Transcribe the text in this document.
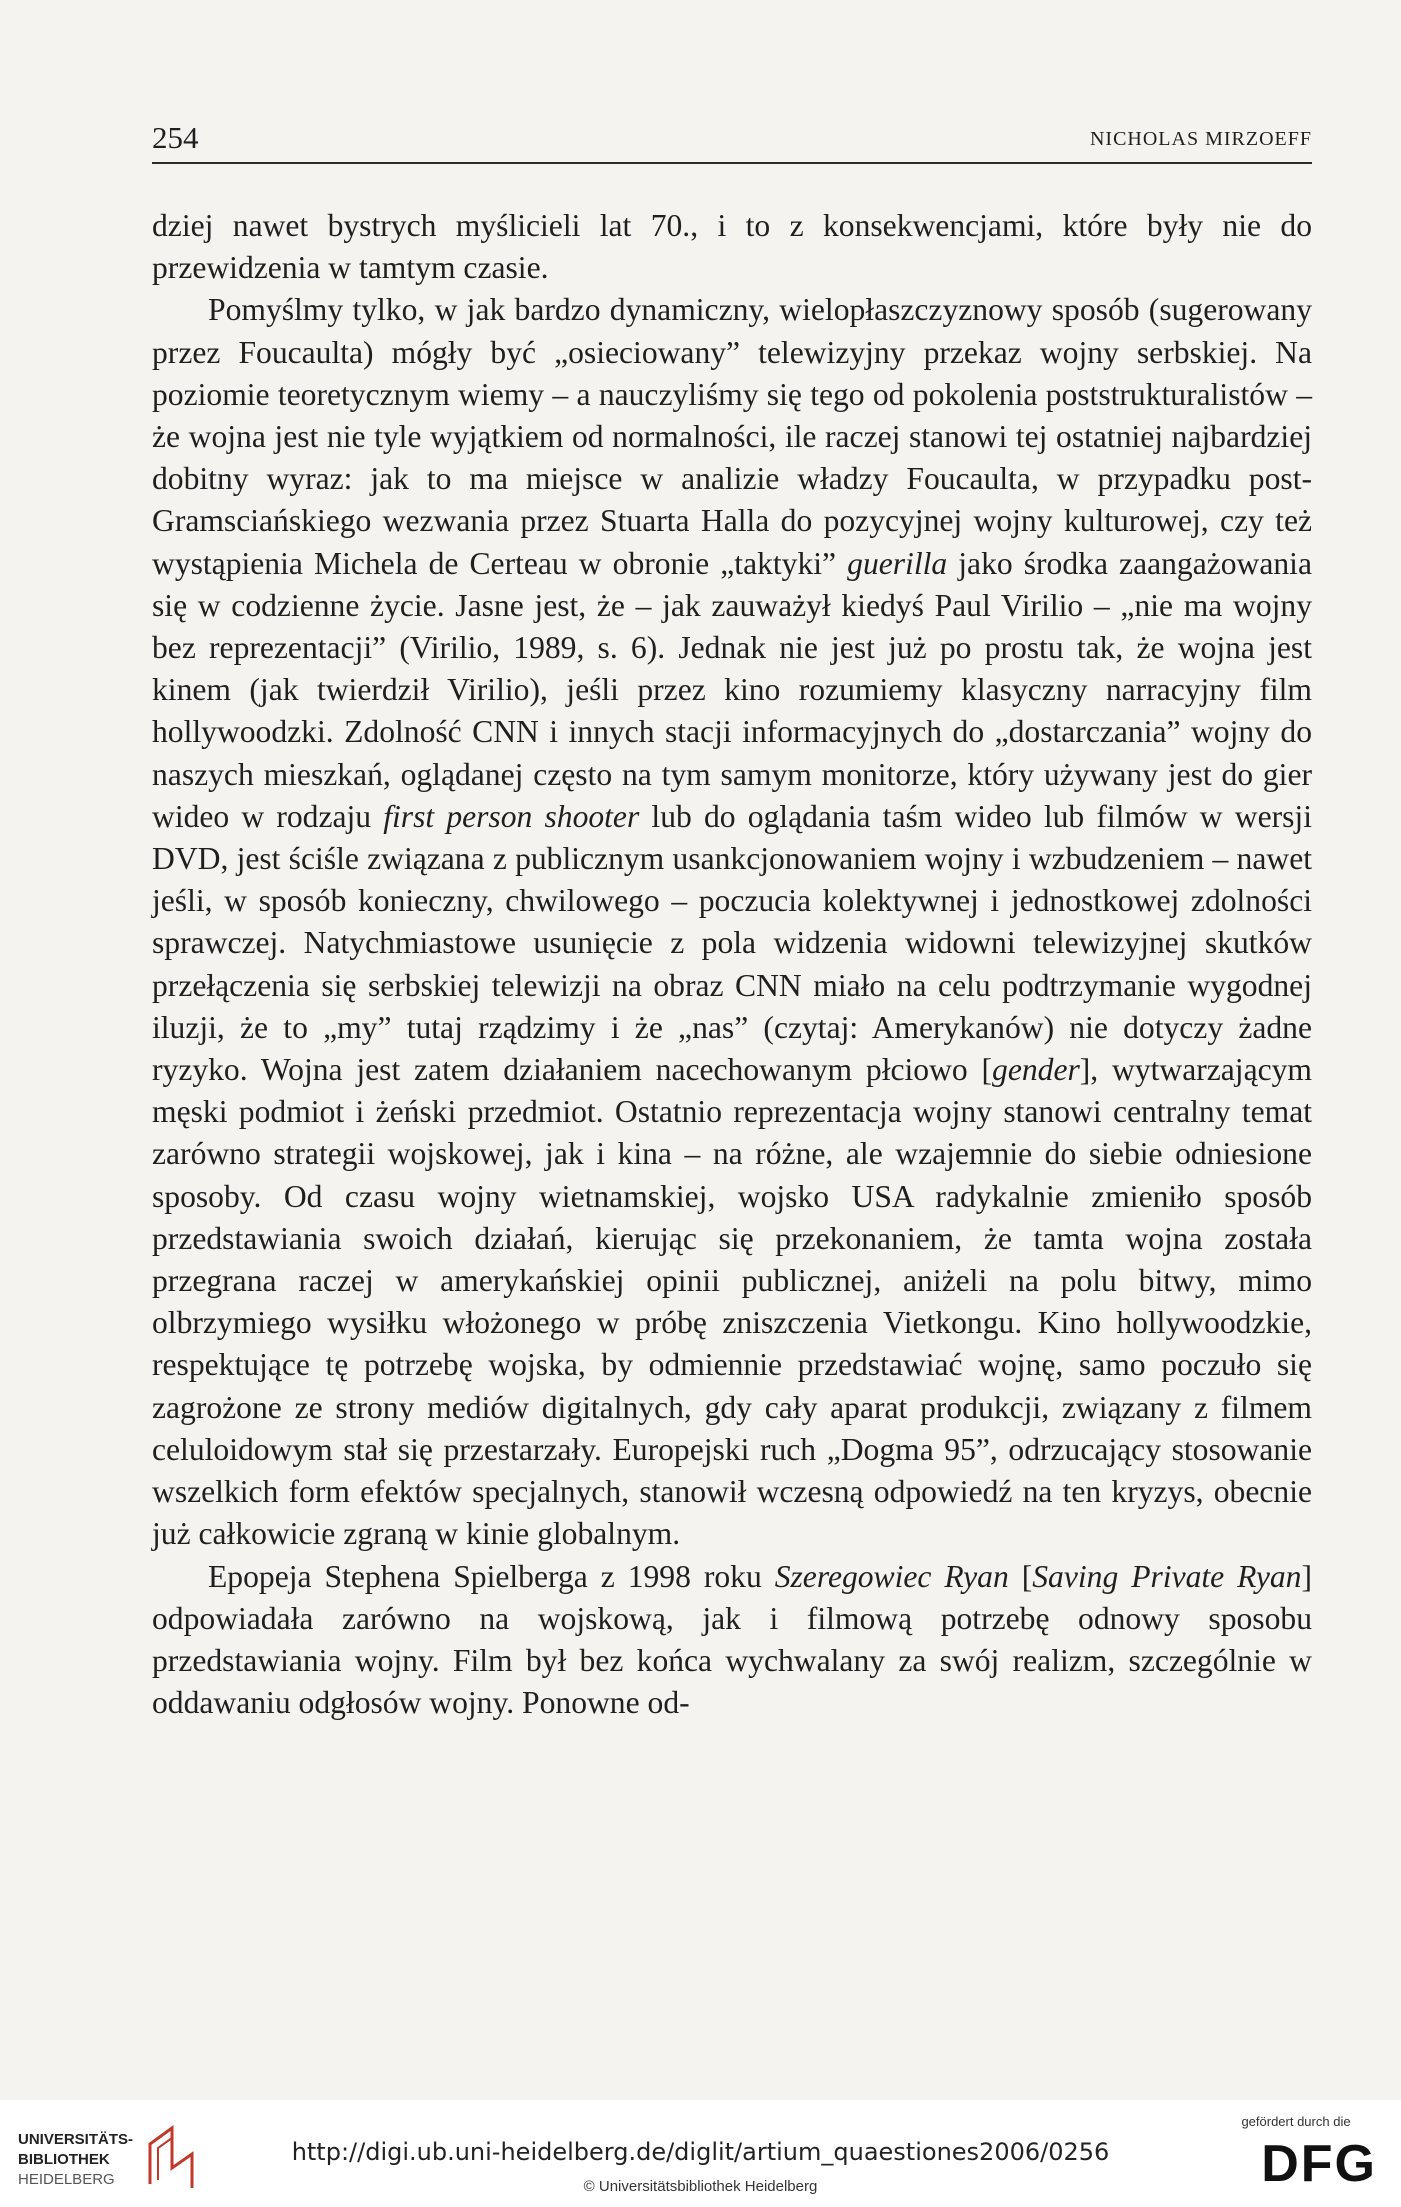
254	NICHOLAS MIRZOEFF

dziej nawet bystrych myślicieli lat 70., i to z konsekwencjami, które były nie do przewidzenia w tamtym czasie.

Pomyślmy tylko, w jak bardzo dynamiczny, wielopłaszczyznowy sposób (sugerowany przez Foucaulta) mógły być „osieciowany” telewizyjny przekaz wojny serbskiej. Na poziomie teoretycznym wiemy – a nauczyliśmy się tego od pokolenia poststrukturalistów – że wojna jest nie tyle wyjątkiem od normalności, ile raczej stanowi tej ostatniej najbardziej dobitny wyraz: jak to ma miejsce w analizie władzy Foucaulta, w przypadku post-Gramsciańskiego wezwania przez Stuarta Halla do pozycyjnej wojny kulturowej, czy też wystąpienia Michela de Certeau w obronie „taktyki” guerilla jako środka zaangażowania się w codzienne życie. Jasne jest, że – jak zauważył kiedyś Paul Virilio – „nie ma wojny bez reprezentacji” (Virilio, 1989, s. 6). Jednak nie jest już po prostu tak, że wojna jest kinem (jak twierdził Virilio), jeśli przez kino rozumiemy klasyczny narracyjny film hollywoodzki. Zdolność CNN i innych stacji informacyjnych do „dostarczania” wojny do naszych mieszkań, oglądanej często na tym samym monitorze, który używany jest do gier wideo w rodzaju first person shooter lub do oglądania taśm wideo lub filmów w wersji DVD, jest ściśle związana z publicznym usankcjonowaniem wojny i wzbudzeniem – nawet jeśli, w sposób konieczny, chwilowego – poczucia kolektywnej i jednostkowej zdolności sprawczej. Natychmiastowe usunięcie z pola widzenia widowni telewizyjnej skutków przełączenia się serbskiej telewizji na obraz CNN miało na celu podtrzymanie wygodnej iluzji, że to „my” tutaj rządzimy i że „nas” (czytaj: Amerykanów) nie dotyczy żadne ryzyko. Wojna jest zatem działaniem nacechowanym płciowo [gender], wytwarzającym męski podmiot i żeński przedmiot. Ostatnio reprezentacja wojny stanowi centralny temat zarówno strategii wojskowej, jak i kina – na różne, ale wzajemnie do siebie odniesione sposoby. Od czasu wojny wietnamskiej, wojsko USA radykalnie zmieniło sposób przedstawiania swoich działań, kierując się przekonaniem, że tamta wojna została przegrana raczej w amerykańskiej opinii publicznej, aniżeli na polu bitwy, mimo olbrzymiego wysiłku włożonego w próbę zniszczenia Vietkongu. Kino hollywoodzkie, respektujące tę potrzebę wojska, by odmiennie przedstawiać wojnę, samo poczuło się zagrożone ze strony mediów digitalnych, gdy cały aparat produkcji, związany z filmem celuloidowym stał się przestarzały. Europejski ruch „Dogma 95”, odrzucający stosowanie wszelkich form efektów specjalnych, stanowił wczesną odpowiedź na ten kryzys, obecnie już całkowicie zgraną w kinie globalnym.

Epopeja Stephena Spielberga z 1998 roku Szeregowiec Ryan [Saving Private Ryan] odpowiadała zarówno na wojskową, jak i filmową potrzebę odnowy sposobu przedstawiania wojny. Film był bez końca wychwalany za swój realizm, szczególnie w oddawaniu odgłosów wojny. Ponowne od-

UNIVERSITÄTS-
BIBLIOTHEK
HEIDELBERG
http://digi.ub.uni-heidelberg.de/diglit/artium_quaestiones2006/0256
© Universitätsbibliothek Heidelberg
gefördert durch die
DFG
